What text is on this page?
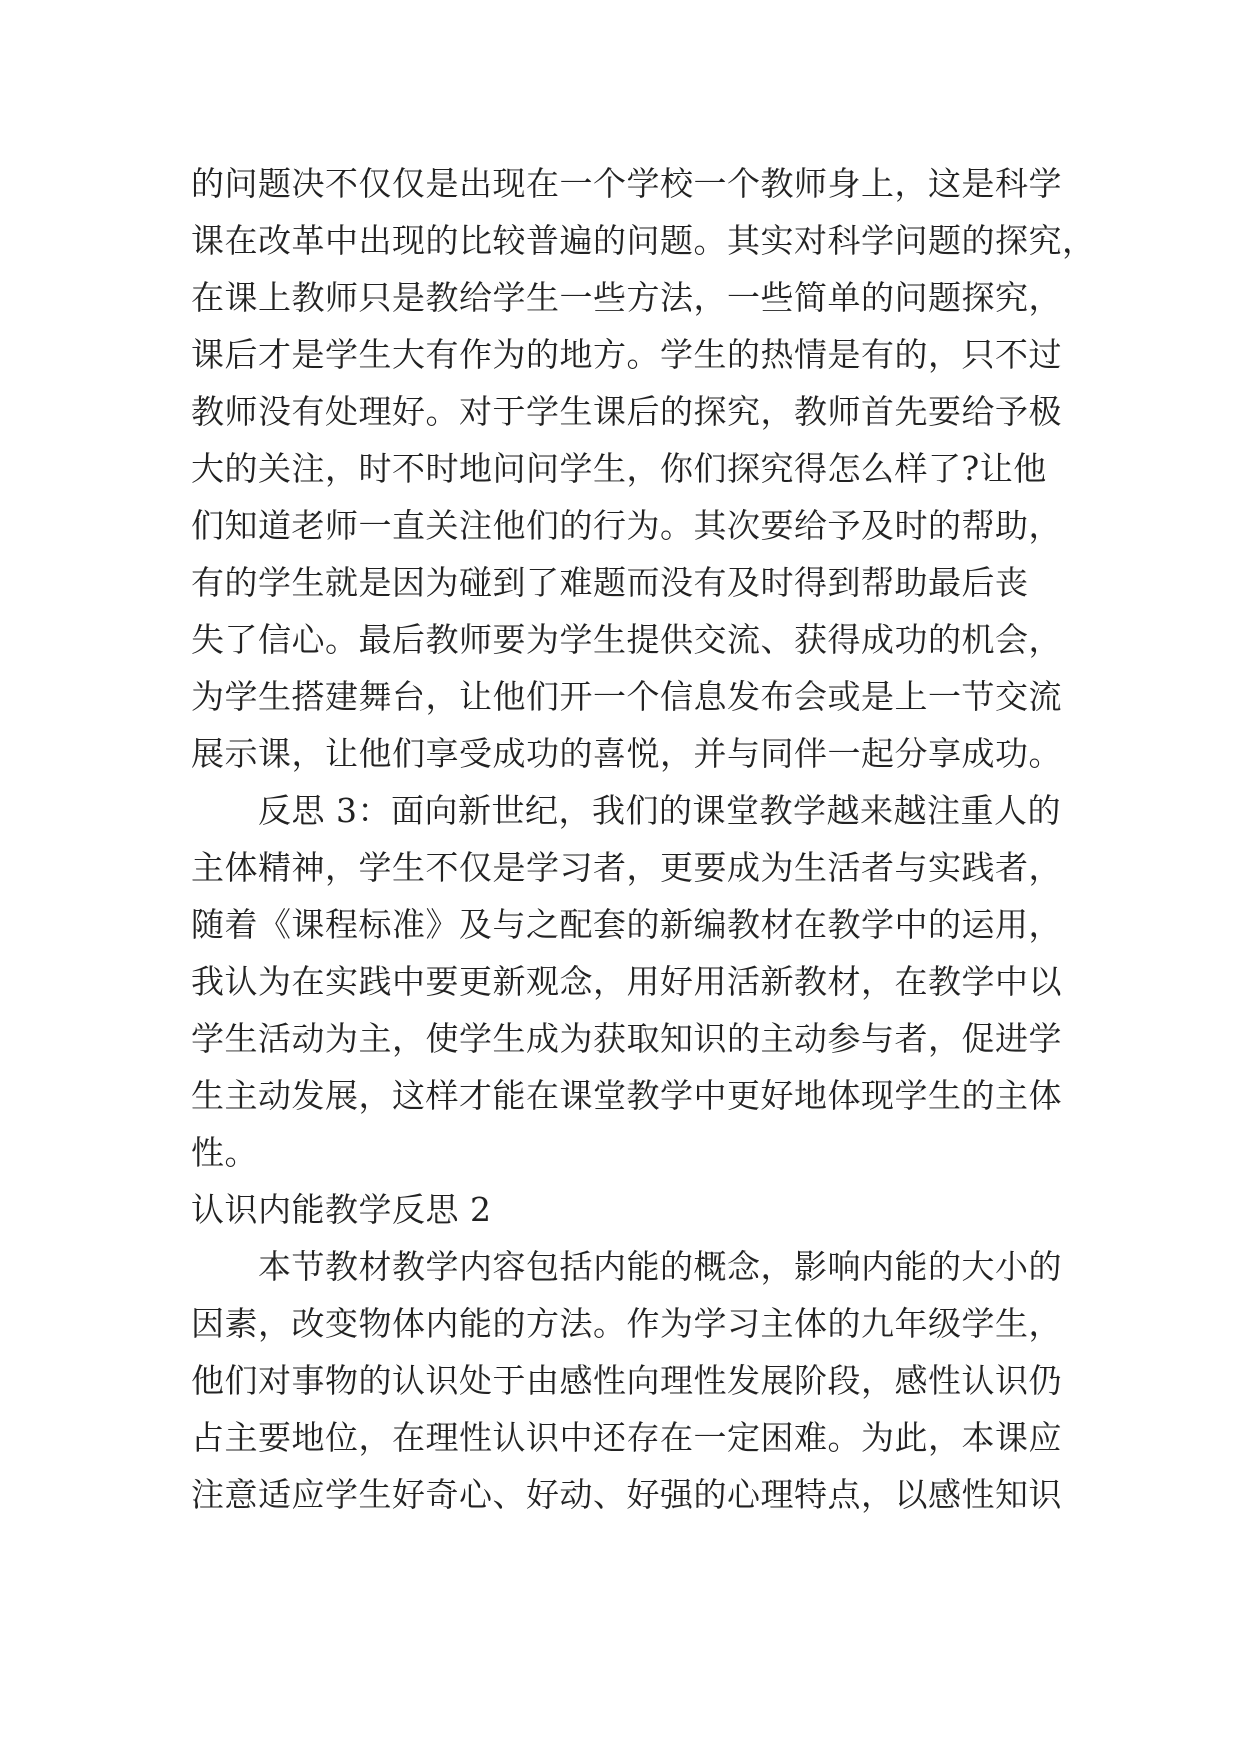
的问题决不仅仅是出现在一个学校一个教师身上，这是科学
课在改革中出现的比较普遍的问题。其实对科学问题的探究，
在课上教师只是教给学生一些方法，一些简单的问题探究，
课后才是学生大有作为的地方。学生的热情是有的，只不过
教师没有处理好。对于学生课后的探究，教师首先要给予极
大的关注，时不时地问问学生，你们探究得怎么样了?让他
们知道老师一直关注他们的行为。其次要给予及时的帮助，
有的学生就是因为碰到了难题而没有及时得到帮助最后丧
失了信心。最后教师要为学生提供交流、获得成功的机会，
为学生搭建舞台，让他们开一个信息发布会或是上一节交流
展示课，让他们享受成功的喜悦，并与同伴一起分享成功。
反思 3：面向新世纪，我们的课堂教学越来越注重人的
主体精神，学生不仅是学习者，更要成为生活者与实践者，
随着《课程标准》及与之配套的新编教材在教学中的运用，
我认为在实践中要更新观念，用好用活新教材，在教学中以
学生活动为主，使学生成为获取知识的主动参与者，促进学
生主动发展，这样才能在课堂教学中更好地体现学生的主体
性。
认识内能教学反思 2
本节教材教学内容包括内能的概念，影响内能的大小的
因素，改变物体内能的方法。作为学习主体的九年级学生，
他们对事物的认识处于由感性向理性发展阶段，感性认识仍
占主要地位，在理性认识中还存在一定困难。为此，本课应
注意适应学生好奇心、好动、好强的心理特点，以感性知识
